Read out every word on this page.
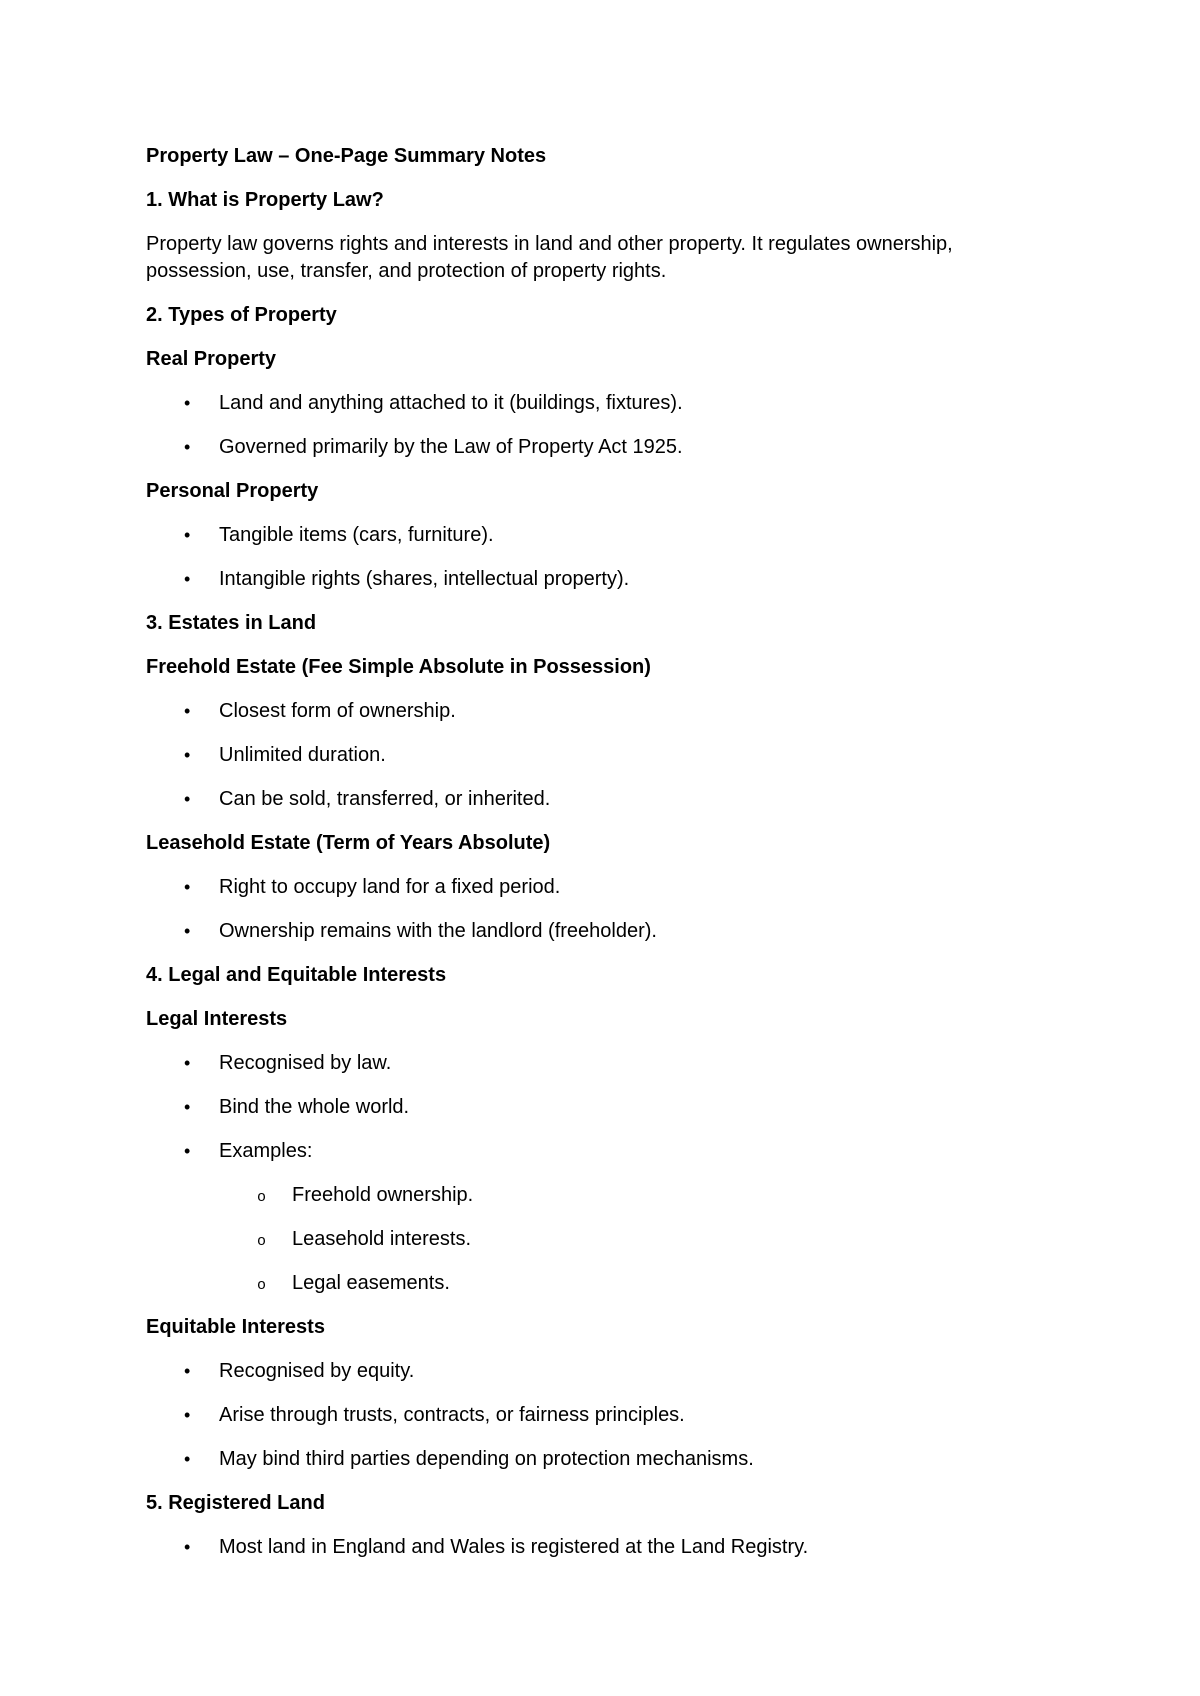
Property Law – One-Page Summary Notes
1. What is Property Law?
Property law governs rights and interests in land and other property. It regulates ownership,
possession, use, transfer, and protection of property rights.
2. Types of Property
Real Property
• Land and anything attached to it (buildings, fixtures).
• Governed primarily by the Law of Property Act 1925.
Personal Property
• Tangible items (cars, furniture).
• Intangible rights (shares, intellectual property).
3. Estates in Land
Freehold Estate (Fee Simple Absolute in Possession)
• Closest form of ownership.
• Unlimited duration.
• Can be sold, transferred, or inherited.
Leasehold Estate (Term of Years Absolute)
• Right to occupy land for a fixed period.
• Ownership remains with the landlord (freeholder).
4. Legal and Equitable Interests
Legal Interests
• Recognised by law.
• Bind the whole world.
• Examples:
o Freehold ownership.
o Leasehold interests.
o Legal easements.
Equitable Interests
• Recognised by equity.
• Arise through trusts, contracts, or fairness principles.
• May bind third parties depending on protection mechanisms.
5. Registered Land
• Most land in England and Wales is registered at the Land Registry.
